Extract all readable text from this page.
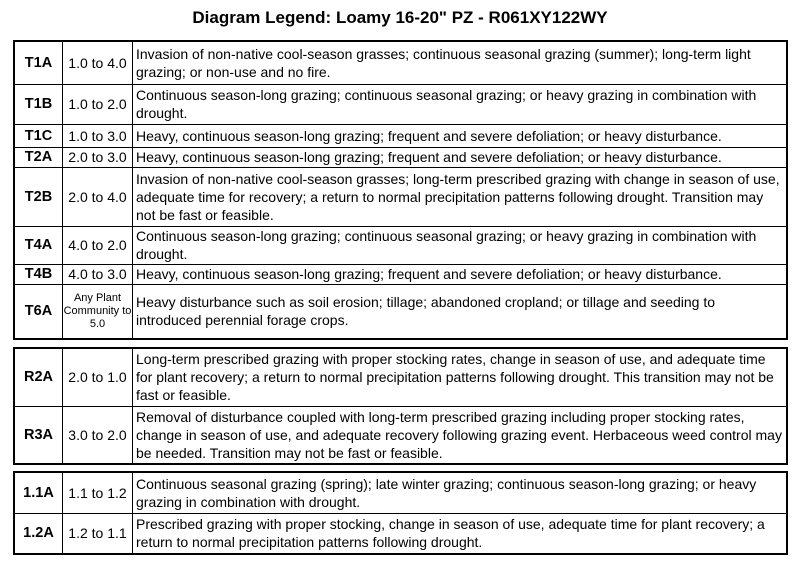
Diagram Legend: Loamy 16-20" PZ - R061XY122WY
T1A	1.0 to 4.0	Invasion of non-native cool-season grasses; continuous seasonal grazing (summer); long-term light grazing; or non-use and no fire.
T1B	1.0 to 2.0	Continuous season-long grazing; continuous seasonal grazing; or heavy grazing in combination with drought.
T1C	1.0 to 3.0	Heavy, continuous season-long grazing; frequent and severe defoliation; or heavy disturbance.
T2A	2.0 to 3.0	Heavy, continuous season-long grazing; frequent and severe defoliation; or heavy disturbance.
T2B	2.0 to 4.0	Invasion of non-native cool-season grasses; long-term prescribed grazing with change in season of use, adequate time for recovery; a return to normal precipitation patterns following drought. Transition may not be fast or feasible.
T4A	4.0 to 2.0	Continuous season-long grazing; continuous seasonal grazing; or heavy grazing in combination with drought.
T4B	4.0 to 3.0	Heavy, continuous season-long grazing; frequent and severe defoliation; or heavy disturbance.
T6A	Any Plant Community to 5.0	Heavy disturbance such as soil erosion; tillage; abandoned cropland; or tillage and seeding to introduced perennial forage crops.
R2A	2.0 to 1.0	Long-term prescribed grazing with proper stocking rates, change in season of use, and adequate time for plant recovery; a return to normal precipitation patterns following drought. This transition may not be fast or feasible.
R3A	3.0 to 2.0	Removal of disturbance coupled with long-term prescribed grazing including proper stocking rates, change in season of use, and adequate recovery following grazing event. Herbaceous weed control may be needed. Transition may not be fast or feasible.
1.1A	1.1 to 1.2	Continuous seasonal grazing (spring); late winter grazing; continuous season-long grazing; or heavy grazing in combination with drought.
1.2A	1.2 to 1.1	Prescribed grazing with proper stocking, change in season of use, adequate time for plant recovery; a return to normal precipitation patterns following drought.
